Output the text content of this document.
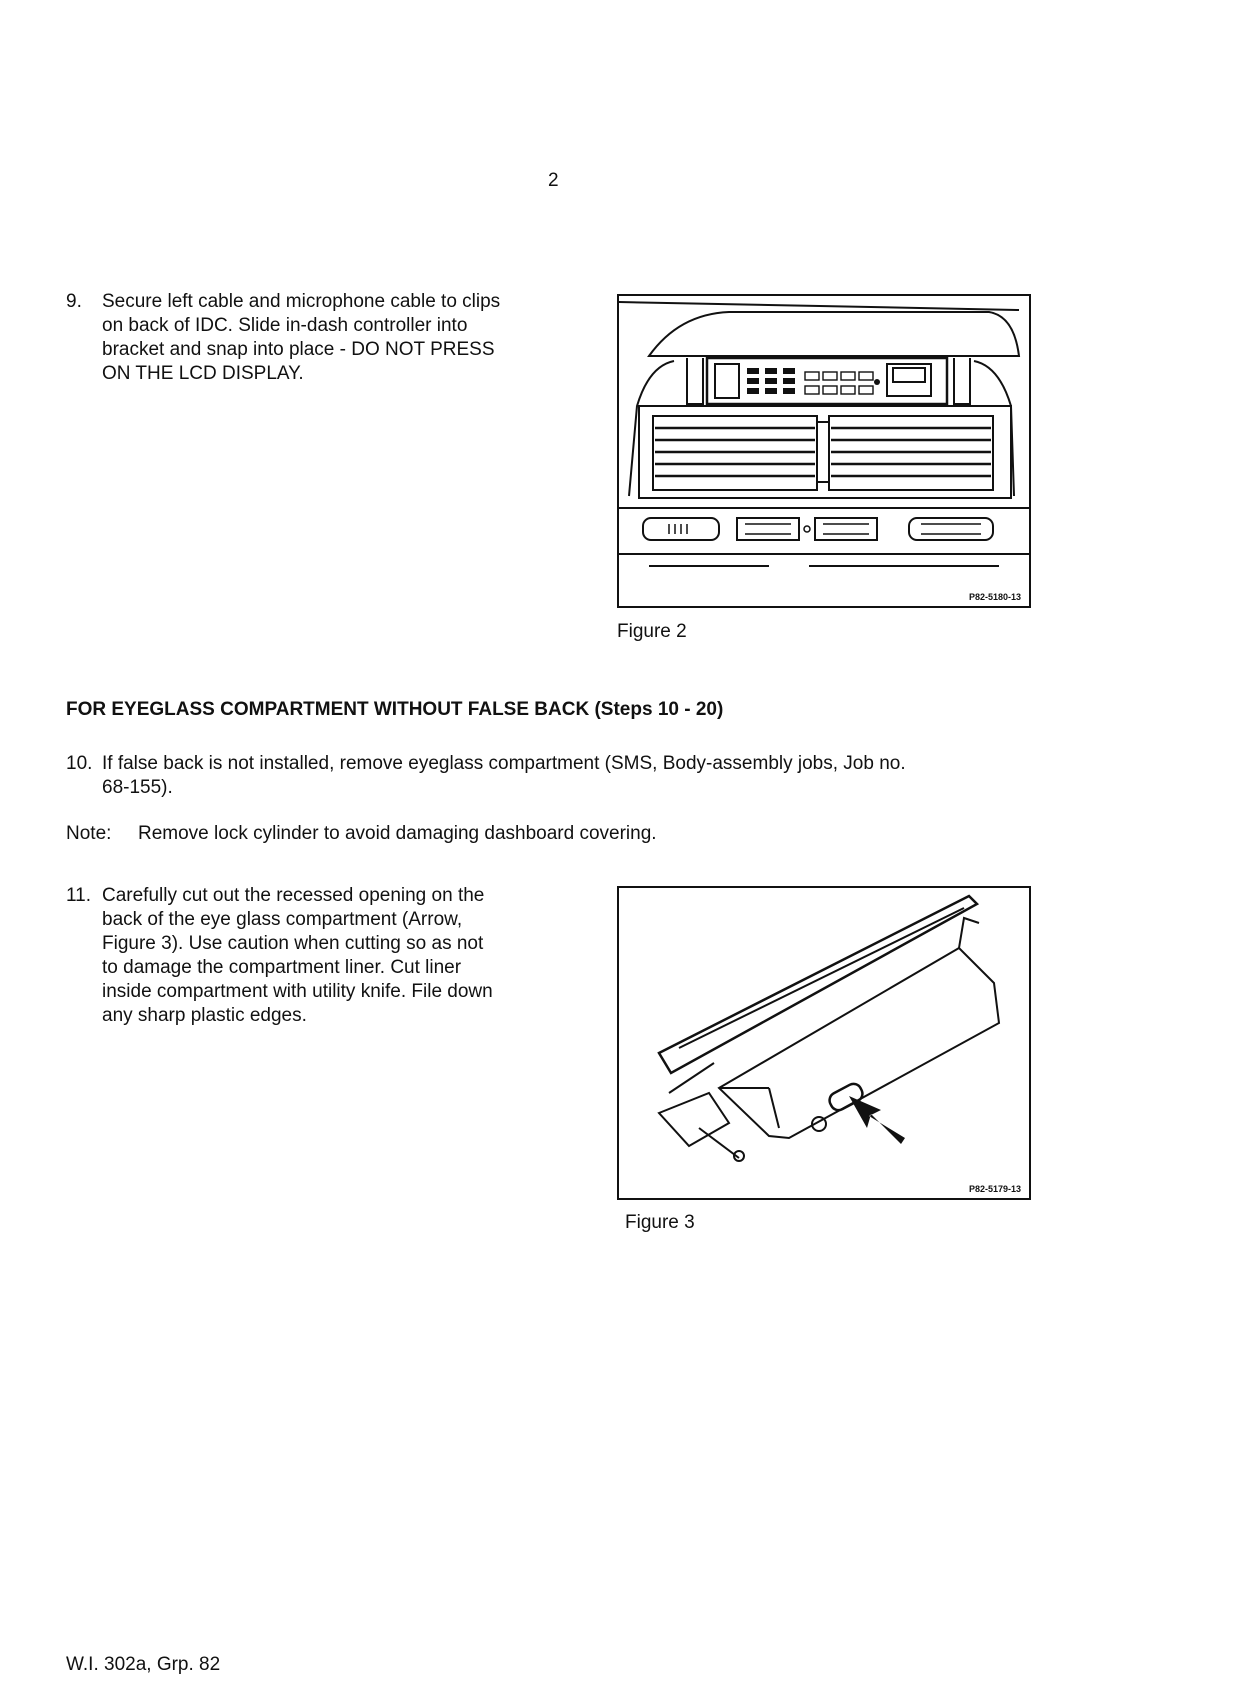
2
9. Secure left cable and microphone cable to clips
on back of IDC. Slide in-dash controller into
bracket and snap into place - DO NOT PRESS
ON THE LCD DISPLAY.
P82-5180-13
Figure 2
FOR EYEGLASS COMPARTMENT WITHOUT FALSE BACK (Steps 10 - 20)
10. If false back is not installed, remove eyeglass compartment (SMS, Body-assembly jobs, Job no.
68-155).
Note: Remove lock cylinder to avoid damaging dashboard covering.
11. Carefully cut out the recessed opening on the
back of the eye glass compartment (Arrow,
Figure 3). Use caution when cutting so as not
to damage the compartment liner. Cut liner
inside compartment with utility knife. File down
any sharp plastic edges.
P82-5179-13
Figure 3
W.I. 302a, Grp. 82
